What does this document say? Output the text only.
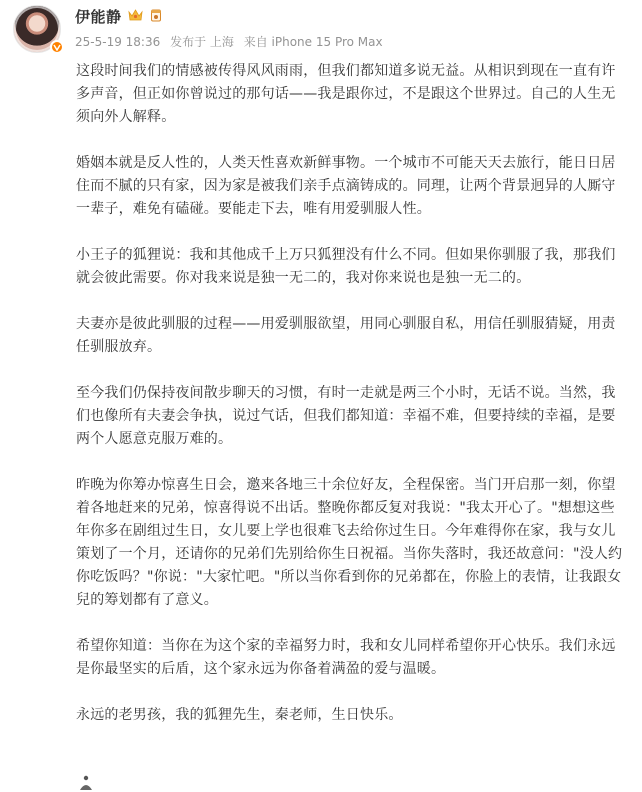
伊能静
25-5-19 18:36 发布于 上海 来自 iPhone 15 Pro Max

这段时间我们的情感被传得风风雨雨，但我们都知道多说无益。从相识到现在一直有许多声音，但正如你曾说过的那句话——我是跟你过，不是跟这个世界过。自己的人生无须向外人解释。

婚姻本就是反人性的，人类天性喜欢新鲜事物。一个城市不可能天天去旅行，能日日居住而不腻的只有家，因为家是被我们亲手点滴铸成的。同理，让两个背景迥异的人厮守一辈子，难免有磕碰。要能走下去，唯有用爱驯服人性。

小王子的狐狸说：我和其他成千上万只狐狸没有什么不同。但如果你驯服了我，那我们就会彼此需要。你对我来说是独一无二的，我对你来说也是独一无二的。

夫妻亦是彼此驯服的过程——用爱驯服欲望，用同心驯服自私，用信任驯服猜疑，用责任驯服放弃。

至今我们仍保持夜间散步聊天的习惯，有时一走就是两三个小时，无话不说。当然，我们也像所有夫妻会争执，说过气话，但我们都知道：幸福不难，但要持续的幸福，是要两个人愿意克服万难的。

昨晚为你筹办惊喜生日会，邀来各地三十余位好友，全程保密。当门开启那一刻，你望着各地赶来的兄弟，惊喜得说不出话。整晚你都反复对我说："我太开心了。"想想这些年你多在剧组过生日，女儿要上学也很难飞去给你过生日。今年难得你在家，我与女儿策划了一个月，还请你的兄弟们先别给你生日祝福。当你失落时，我还故意问："没人约你吃饭吗？"你说："大家忙吧。"所以当你看到你的兄弟都在，你脸上的表情，让我跟女兒的筹划都有了意义。

希望你知道：当你在为这个家的幸福努力时，我和女儿同样希望你开心快乐。我们永远是你最坚实的后盾，这个家永远为你备着满盈的爱与温暖。

永远的老男孩，我的狐狸先生，秦老师，生日快乐。
